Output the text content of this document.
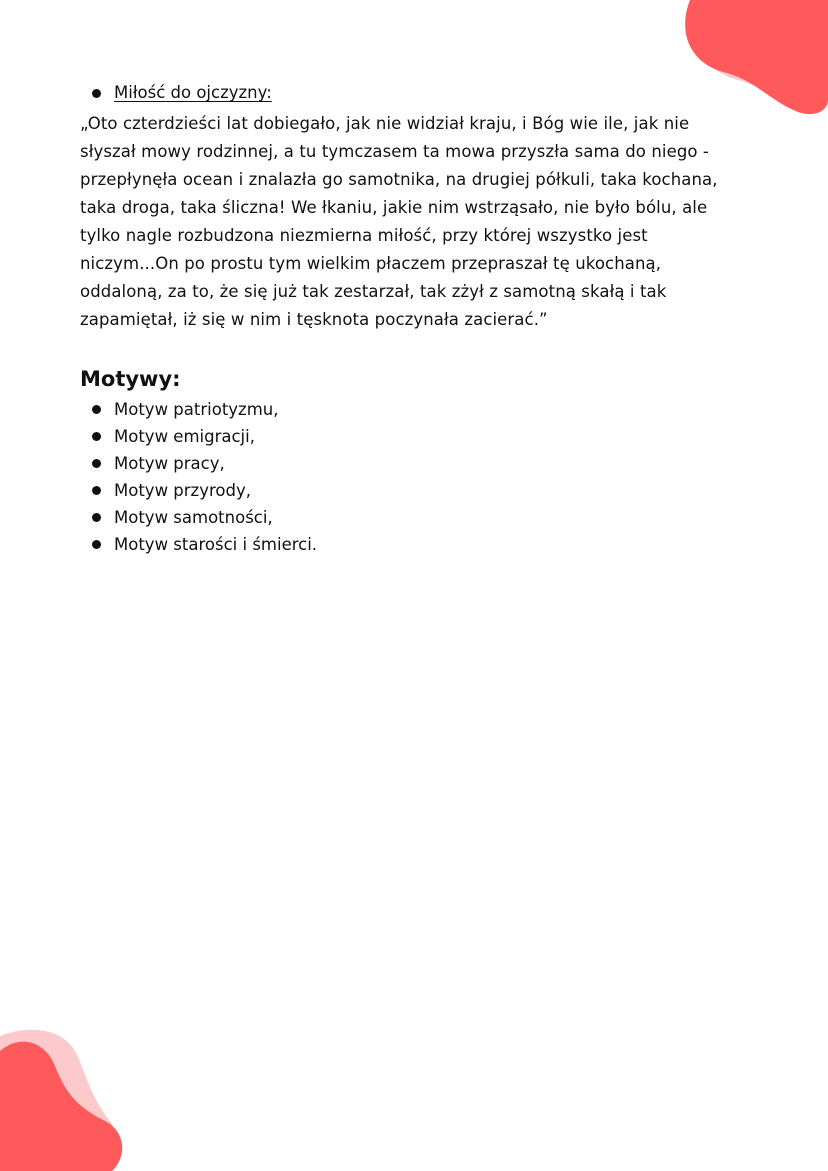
Miłość do ojczyzny:

„Oto czterdzieści lat dobiegało, jak nie widział kraju, i Bóg wie ile, jak nie słyszał mowy rodzinnej, a tu tymczasem ta mowa przyszła sama do niego - przepłynęła ocean i znalazła go samotnika, na drugiej półkuli, taka kochana, taka droga, taka śliczna! We łkaniu, jakie nim wstrząsało, nie było bólu, ale tylko nagle rozbudzona niezmierna miłość, przy której wszystko jest niczym...On po prostu tym wielkim płaczem przepraszał tę ukochaną, oddaloną, za to, że się już tak zestarzał, tak zżył z samotną skałą i tak zapamiętał, iż się w nim i tęsknota poczynała zacierać.”

Motywy:
Motyw patriotyzmu,
Motyw emigracji,
Motyw pracy,
Motyw przyrody,
Motyw samotności,
Motyw starości i śmierci.
